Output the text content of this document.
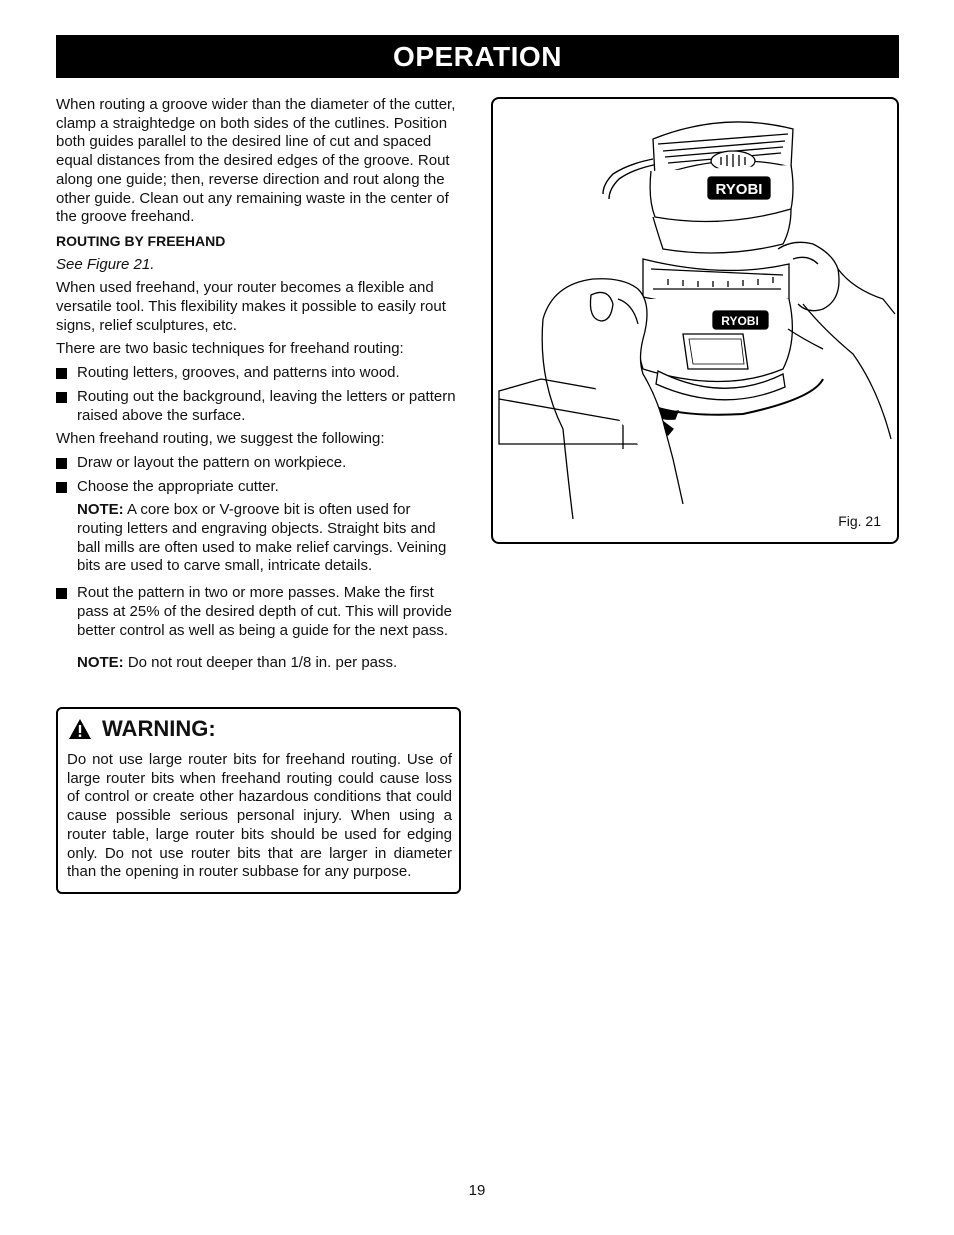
OPERATION

When routing a groove wider than the diameter of the cutter, clamp a straightedge on both sides of the cutlines. Position both guides parallel to the desired line of cut and spaced equal distances from the desired edges of the groove. Rout along one guide; then, reverse direction and rout along the other guide. Clean out any remaining waste in the center of the groove freehand.

ROUTING BY FREEHAND

See Figure 21.

When used freehand, your router becomes a flexible and versatile tool. This flexibility makes it possible to easily rout signs, relief sculptures, etc.

There are two basic techniques for freehand routing:

Routing letters, grooves, and patterns into wood.
Routing out the background, leaving the letters or pattern raised above the surface.

When freehand routing, we suggest the following:

Draw or layout the pattern on workpiece.
Choose the appropriate cutter.

NOTE: A core box or V-groove bit is often used for routing letters and engraving objects. Straight bits and ball mills are often used to make relief carvings. Veining bits are used to carve small, intricate details.

Rout the pattern in two or more passes. Make the first pass at 25% of the desired depth of cut. This will provide better control as well as being a guide for the next pass.

NOTE: Do not rout deeper than 1/8 in. per pass.

WARNING:
Do not use large router bits for freehand routing. Use of large router bits when freehand routing could cause loss of control or create other hazardous conditions that could cause possible serious personal injury. When using a router table, large router bits should be used for edging only. Do not use router bits that are larger in diameter than the opening in router subbase for any purpose.
RYOBI
RYOBI
Fig. 21
19
